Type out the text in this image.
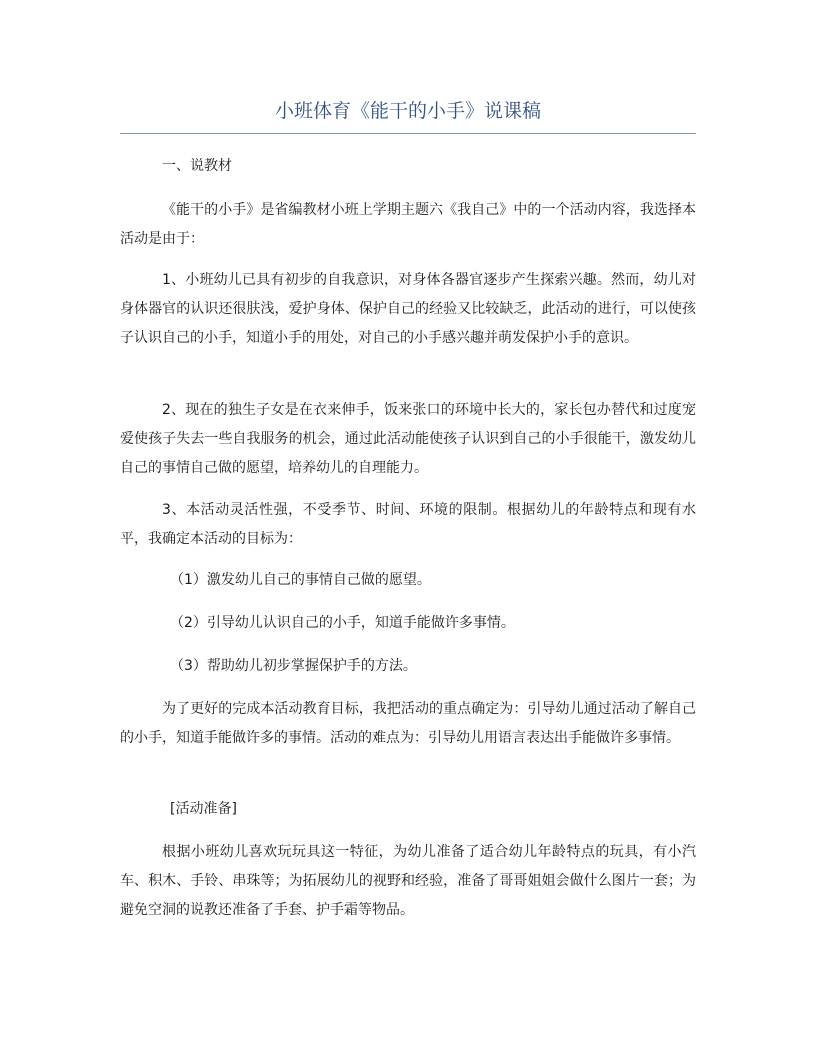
小班体育《能干的小手》说课稿

一、说教材

《能干的小手》是省编教材小班上学期主题六《我自己》中的一个活动内容，我选择本活动是由于：

1、小班幼儿已具有初步的自我意识，对身体各器官逐步产生探索兴趣。然而，幼儿对身体器官的认识还很肤浅，爱护身体、保护自己的经验又比较缺乏，此活动的进行，可以使孩子认识自己的小手，知道小手的用处，对自己的小手感兴趣并萌发保护小手的意识。

2、现在的独生子女是在衣来伸手，饭来张口的环境中长大的，家长包办替代和过度宠爱使孩子失去一些自我服务的机会，通过此活动能使孩子认识到自己的小手很能干，激发幼儿自己的事情自己做的愿望，培养幼儿的自理能力。

3、本活动灵活性强，不受季节、时间、环境的限制。根据幼儿的年龄特点和现有水平，我确定本活动的目标为：

（1）激发幼儿自己的事情自己做的愿望。

（2）引导幼儿认识自己的小手，知道手能做许多事情。

（3）帮助幼儿初步掌握保护手的方法。

为了更好的完成本活动教育目标，我把活动的重点确定为：引导幼儿通过活动了解自己的小手，知道手能做许多的事情。活动的难点为：引导幼儿用语言表达出手能做许多事情。

[活动准备]

根据小班幼儿喜欢玩玩具这一特征，为幼儿准备了适合幼儿年龄特点的玩具，有小汽车、积木、手铃、串珠等；为拓展幼儿的视野和经验，准备了哥哥姐姐会做什么图片一套；为避免空洞的说教还准备了手套、护手霜等物品。
